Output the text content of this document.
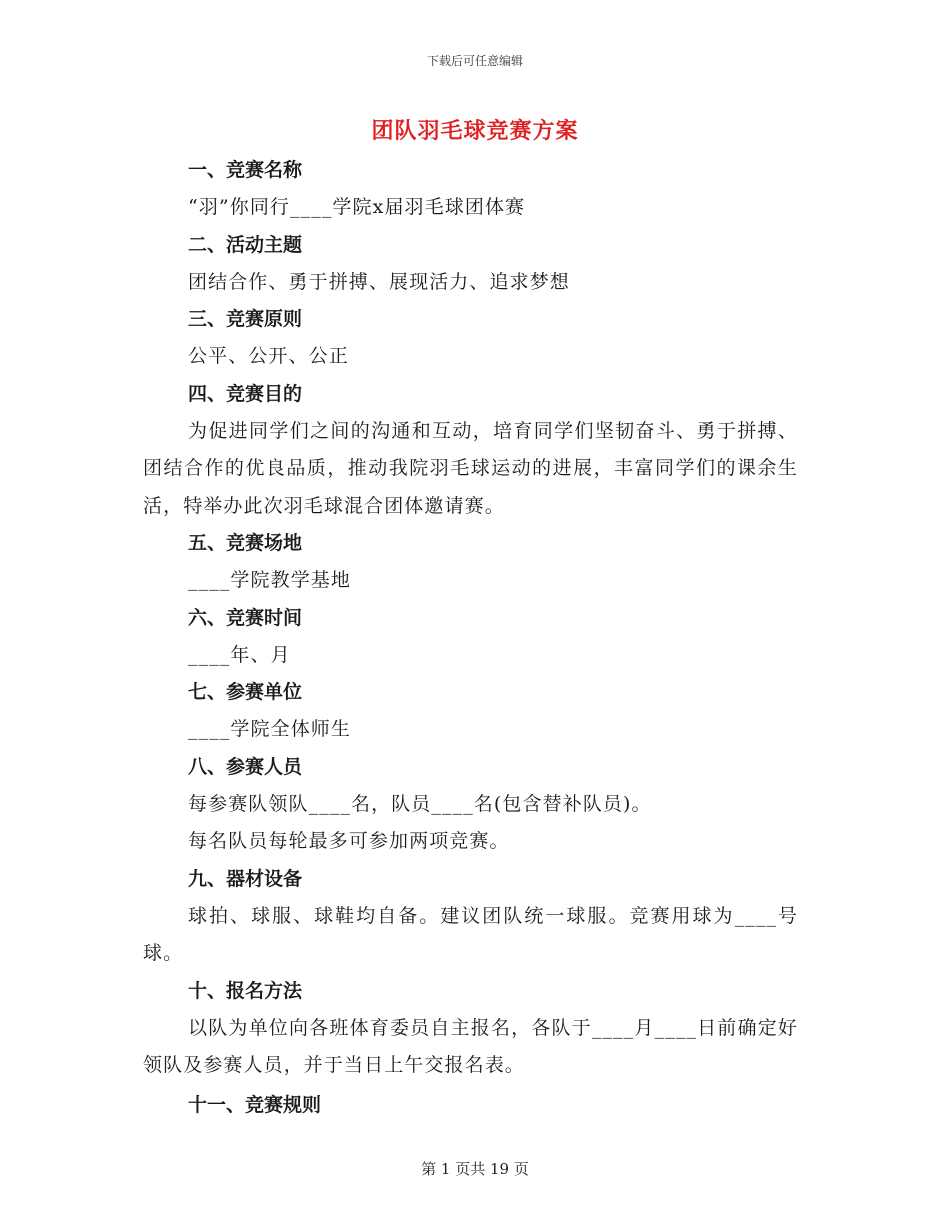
下载后可任意编辑
团队羽毛球竞赛方案
一、竞赛名称
“羽”你同行____学院x届羽毛球团体赛
二、活动主题
团结合作、勇于拼搏、展现活力、追求梦想
三、竞赛原则
公平、公开、公正
四、竞赛目的
为促进同学们之间的沟通和互动，培育同学们坚韧奋斗、勇于拼搏、团结合作的优良品质，推动我院羽毛球运动的进展，丰富同学们的课余生活，特举办此次羽毛球混合团体邀请赛。
五、竞赛场地
____学院教学基地
六、竞赛时间
____年、月
七、参赛单位
____学院全体师生
八、参赛人员
每参赛队领队____名，队员____名(包含替补队员)。
每名队员每轮最多可参加两项竞赛。
九、器材设备
球拍、球服、球鞋均自备。建议团队统一球服。竞赛用球为____号球。
十、报名方法
以队为单位向各班体育委员自主报名，各队于____月____日前确定好领队及参赛人员，并于当日上午交报名表。
十一、竞赛规则
第 1 页共 19 页
